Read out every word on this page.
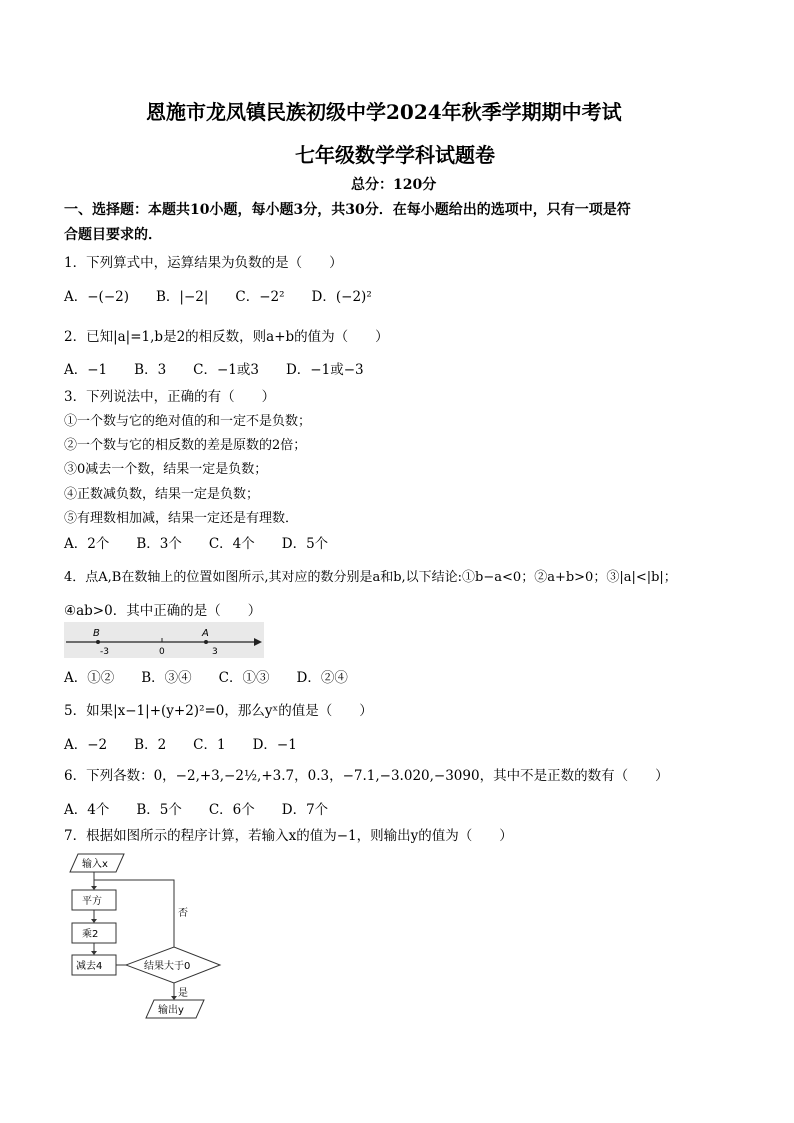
恩施市龙凤镇民族初级中学2024年秋季学期期中考试
七年级数学学科试题卷
总分：120分
一、选择题：本题共10小题，每小题3分，共30分．在每小题给出的选项中，只有一项是符
合题目要求的．
1．下列算式中，运算结果为负数的是（　　）
A．−(−2)　　B．|−2|　　C．−2²　　D．(−2)²
2．已知|a|=1,b是2的相反数，则a+b的值为（　　）
A．−1　　B．3　　C．−1或3　　D．−1或−3
3．下列说法中，正确的有（　　）
①一个数与它的绝对值的和一定不是负数；
②一个数与它的相反数的差是原数的2倍；
③0减去一个数，结果一定是负数；
④正数减负数，结果一定是负数；
⑤有理数相加减，结果一定还是有理数．
A．2个　　B．3个　　C．4个　　D．5个
4．点A,B在数轴上的位置如图所示,其对应的数分别是a和b,以下结论:①b−a<0；②a+b>0；③|a|<|b|；
④ab>0．其中正确的是（　　）
B	A
-3	0	3
A．①②　　B．③④　　C．①③　　D．②④
5．如果|x−1|+(y+2)²=0，那么yˣ的值是（　　）
A．−2　　B．2　　C．1　　D．−1
6．下列各数：0，−2,+3,−2½,+3.7，0.3，−7.1,−3.020,−3090，其中不是正数的数有（　　）
A．4个　　B．5个　　C．6个　　D．7个
7．根据如图所示的程序计算，若输入x的值为−1，则输出y的值为（　　）
输入x
平方
乘2
减去4	结果大于0
否
是
输出y
